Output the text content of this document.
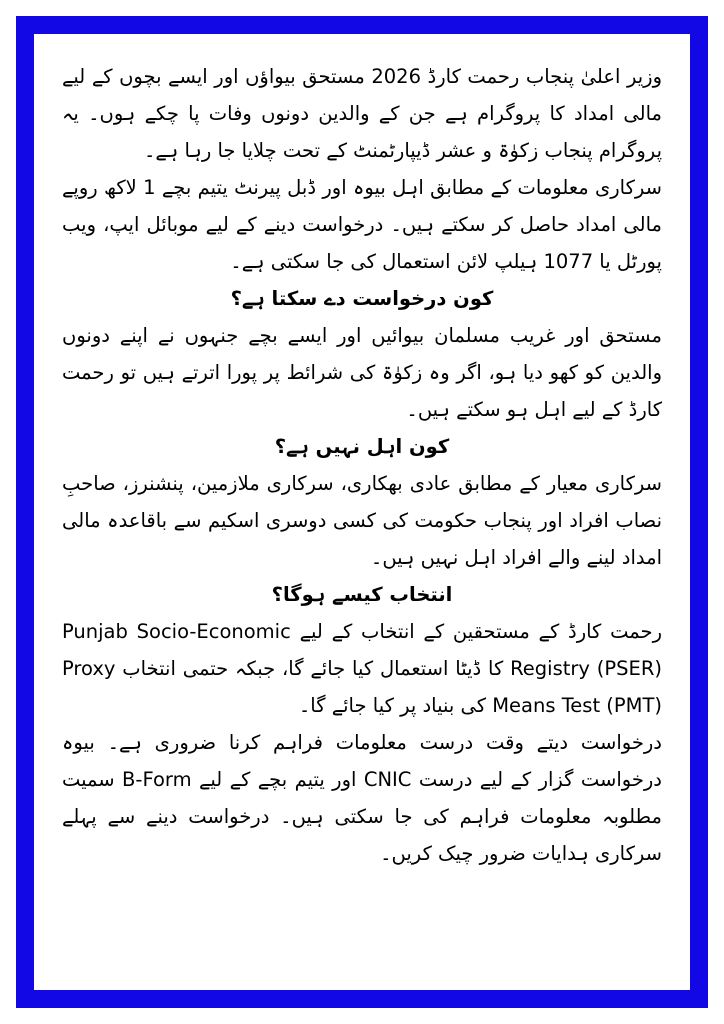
وزیر اعلیٰ پنجاب رحمت کارڈ 2026 مستحق بیواؤں اور ایسے بچوں کے لیے مالی امداد کا پروگرام ہے جن کے والدین دونوں وفات پا چکے ہوں۔ یہ پروگرام پنجاب زکوٰۃ و عشر ڈیپارٹمنٹ کے تحت چلایا جا رہا ہے۔

سرکاری معلومات کے مطابق اہل بیوہ اور ڈبل پیرنٹ یتیم بچے 1 لاکھ روپے مالی امداد حاصل کر سکتے ہیں۔ درخواست دینے کے لیے موبائل ایپ، ویب پورٹل یا 1077 ہیلپ لائن استعمال کی جا سکتی ہے۔

کون درخواست دے سکتا ہے؟

مستحق اور غریب مسلمان بیوائیں اور ایسے بچے جنہوں نے اپنے دونوں والدین کو کھو دیا ہو، اگر وہ زکوٰۃ کی شرائط پر پورا اترتے ہیں تو رحمت کارڈ کے لیے اہل ہو سکتے ہیں۔

کون اہل نہیں ہے؟

سرکاری معیار کے مطابق عادی بھکاری، سرکاری ملازمین، پنشنرز، صاحبِ نصاب افراد اور پنجاب حکومت کی کسی دوسری اسکیم سے باقاعدہ مالی امداد لینے والے افراد اہل نہیں ہیں۔

انتخاب کیسے ہوگا؟

رحمت کارڈ کے مستحقین کے انتخاب کے لیے Punjab Socio-Economic Registry (PSER) کا ڈیٹا استعمال کیا جائے گا، جبکہ حتمی انتخاب Proxy Means Test (PMT) کی بنیاد پر کیا جائے گا۔

درخواست دیتے وقت درست معلومات فراہم کرنا ضروری ہے۔ بیوہ درخواست گزار کے لیے درست CNIC اور یتیم بچے کے لیے B-Form سمیت مطلوبہ معلومات فراہم کی جا سکتی ہیں۔ درخواست دینے سے پہلے سرکاری ہدایات ضرور چیک کریں۔
